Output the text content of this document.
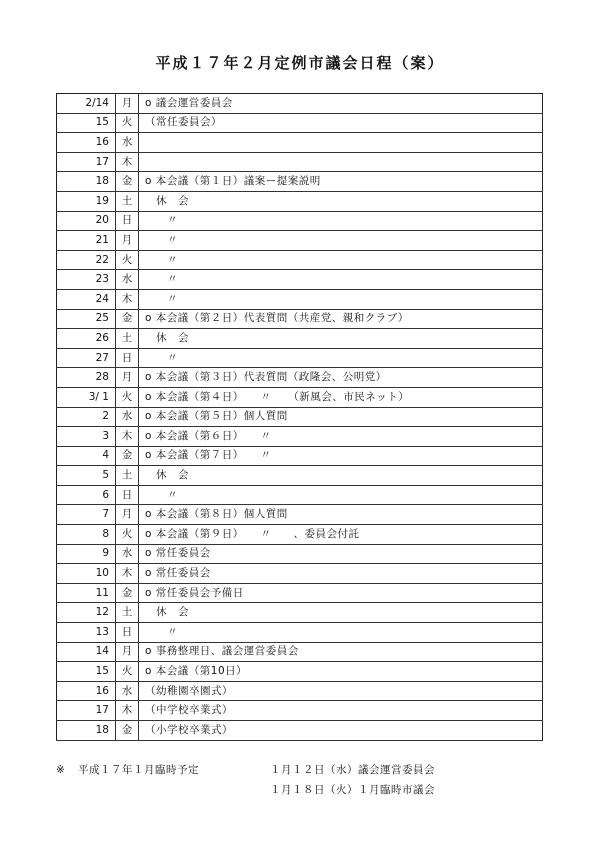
平成１７年２月定例市議会日程（案）
2/14	月	o 議会運営委員会
15	火	（常任委員会）
16	水	
17	木	
18	金	o 本会議（第１日）議案ー提案説明
19	土	　休　会
20	日	　　〃
21	月	　　〃
22	火	　　〃
23	水	　　〃
24	木	　　〃
25	金	o 本会議（第２日）代表質問（共産党、親和クラブ）
26	土	　休　会
27	日	　　〃
28	月	o 本会議（第３日）代表質問（政隆会、公明党）
3/ 1	火	o 本会議（第４日）　　〃　　（新風会、市民ネット）
2	水	o 本会議（第５日）個人質問
3	木	o 本会議（第６日）　　〃
4	金	o 本会議（第７日）　　〃
5	土	　休　会
6	日	　　〃
7	月	o 本会議（第８日）個人質問
8	火	o 本会議（第９日）　　〃　　、委員会付託
9	水	o 常任委員会
10	木	o 常任委員会
11	金	o 常任委員会予備日
12	土	　休　会
13	日	　　〃
14	月	o 事務整理日、議会運営委員会
15	火	o 本会議（第10日）
16	水	（幼稚園卒園式）
17	木	（中学校卒業式）
18	金	（小学校卒業式）
※ 平成１７年１月臨時予定	１月１２日（水）議会運営委員会
１月１８日（火）１月臨時市議会
